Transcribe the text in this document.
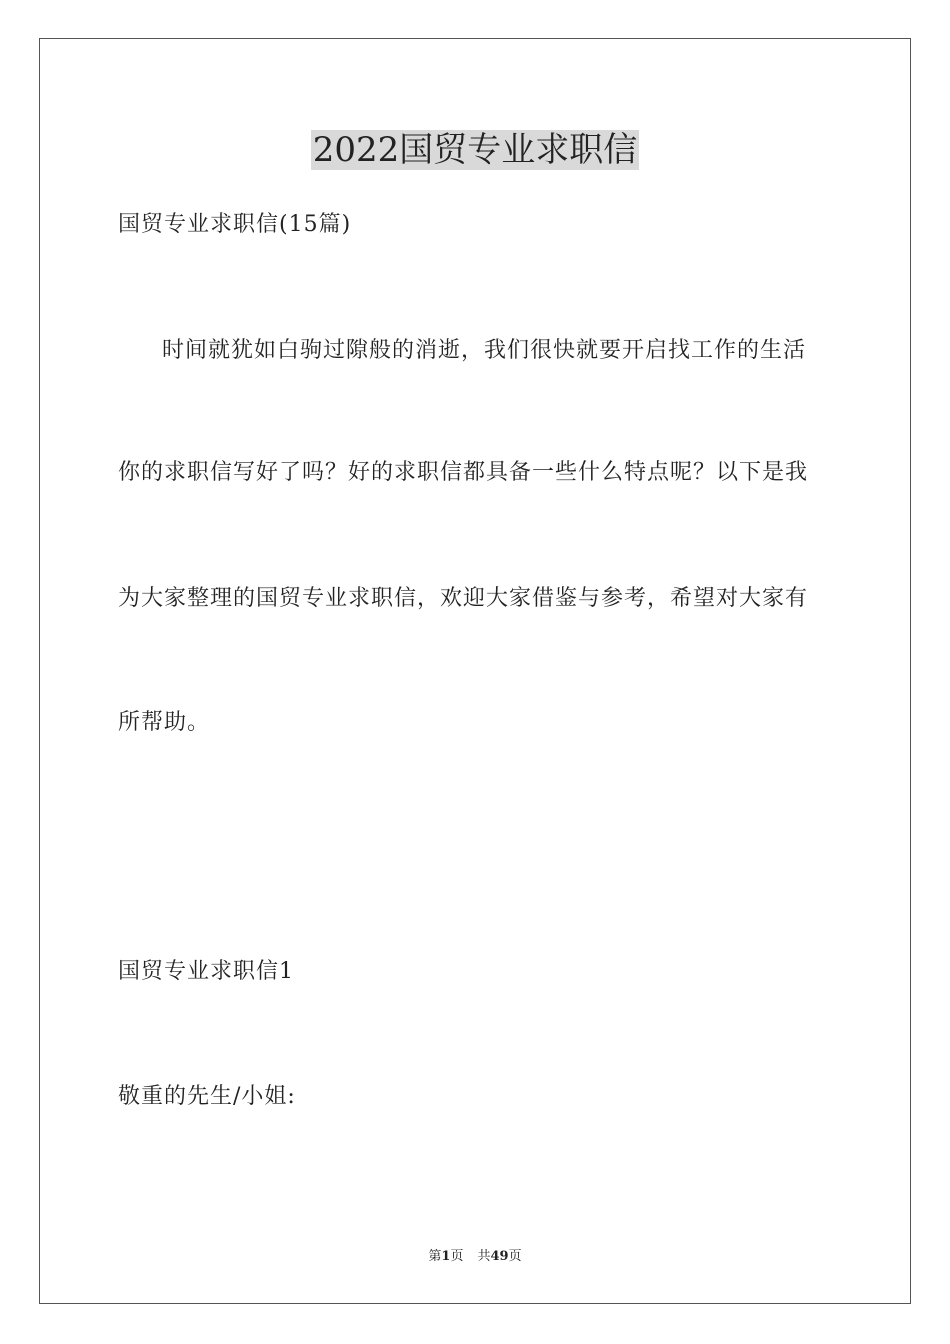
2022国贸专业求职信
国贸专业求职信(15篇)
时间就犹如白驹过隙般的消逝，我们很快就要开启找工作的生活
你的求职信写好了吗？好的求职信都具备一些什么特点呢？以下是我
为大家整理的国贸专业求职信，欢迎大家借鉴与参考，希望对大家有
所帮助。
国贸专业求职信1
敬重的先生/小姐:
第1页 共49页
